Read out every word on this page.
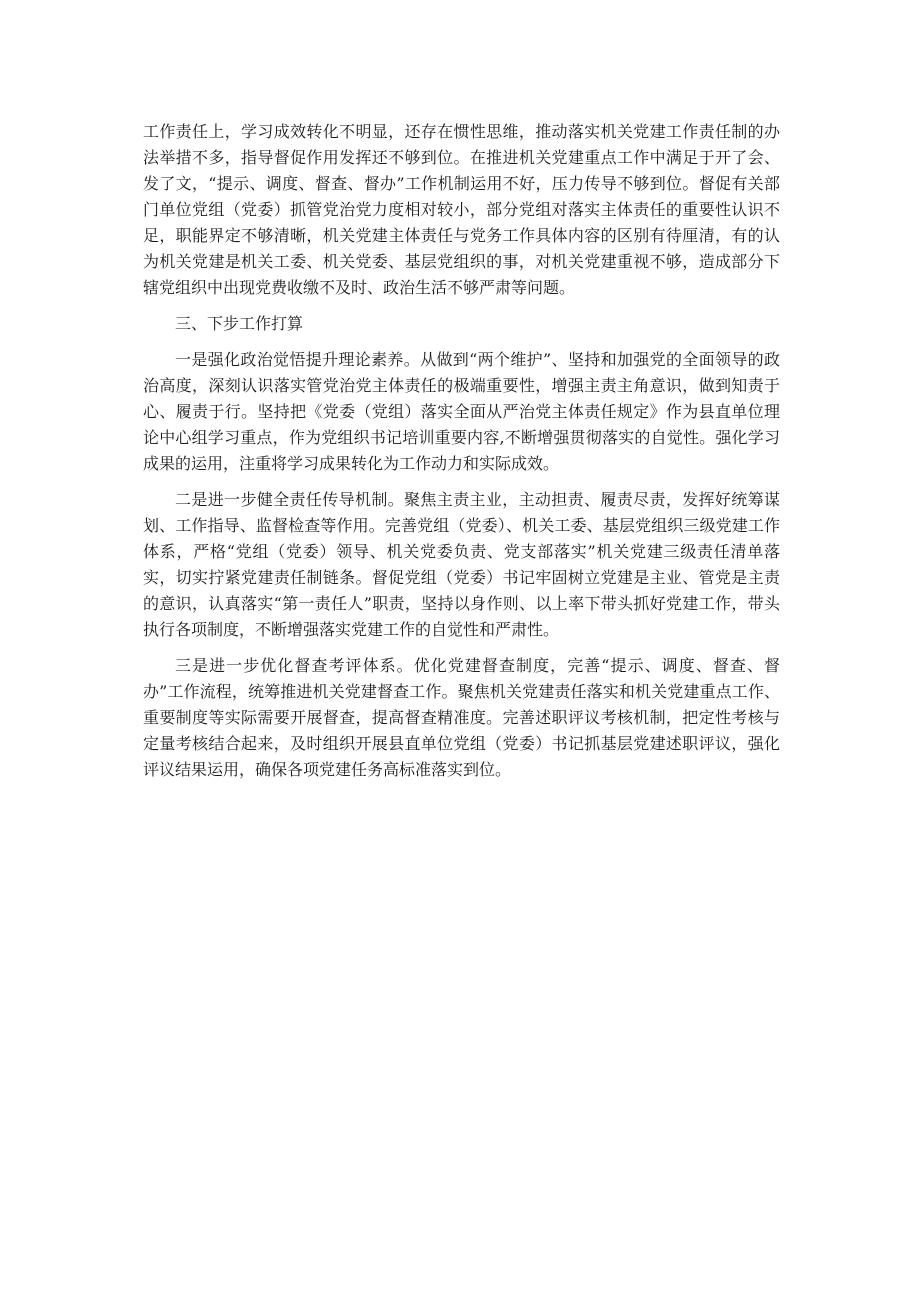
工作责任上，学习成效转化不明显，还存在惯性思维，推动落实机关党建工作责任制的办法举措不多，指导督促作用发挥还不够到位。在推进机关党建重点工作中满足于开了会、发了文，“提示、调度、督查、督办”工作机制运用不好，压力传导不够到位。督促有关部门单位党组（党委）抓管党治党力度相对较小，部分党组对落实主体责任的重要性认识不足，职能界定不够清晰，机关党建主体责任与党务工作具体内容的区别有待厘清，有的认为机关党建是机关工委、机关党委、基层党组织的事，对机关党建重视不够，造成部分下辖党组织中出现党费收缴不及时、政治生活不够严肃等问题。

三、下步工作打算

一是强化政治觉悟提升理论素养。从做到“两个维护”、坚持和加强党的全面领导的政治高度，深刻认识落实管党治党主体责任的极端重要性，增强主责主角意识，做到知责于心、履责于行。坚持把《党委（党组）落实全面从严治党主体责任规定》作为县直单位理论中心组学习重点，作为党组织书记培训重要内容,不断增强贯彻落实的自觉性。强化学习成果的运用，注重将学习成果转化为工作动力和实际成效。

二是进一步健全责任传导机制。聚焦主责主业，主动担责、履责尽责，发挥好统筹谋划、工作指导、监督检查等作用。完善党组（党委）、机关工委、基层党组织三级党建工作体系，严格“党组（党委）领导、机关党委负责、党支部落实”机关党建三级责任清单落实，切实拧紧党建责任制链条。督促党组（党委）书记牢固树立党建是主业、管党是主责的意识，认真落实“第一责任人”职责，坚持以身作则、以上率下带头抓好党建工作，带头执行各项制度，不断增强落实党建工作的自觉性和严肃性。

三是进一步优化督查考评体系。优化党建督查制度，完善“提示、调度、督查、督办”工作流程，统筹推进机关党建督查工作。聚焦机关党建责任落实和机关党建重点工作、重要制度等实际需要开展督查，提高督查精准度。完善述职评议考核机制，把定性考核与定量考核结合起来，及时组织开展县直单位党组（党委）书记抓基层党建述职评议，强化评议结果运用，确保各项党建任务高标准落实到位。
